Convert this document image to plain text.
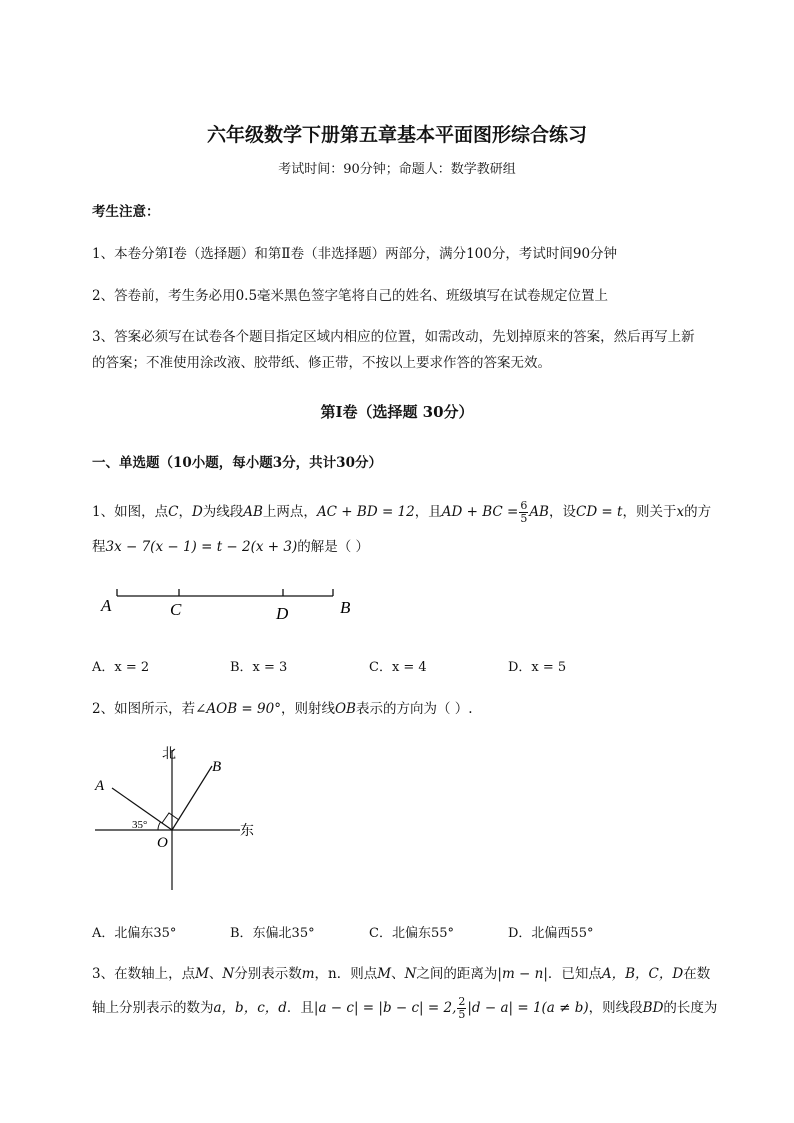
六年级数学下册第五章基本平面图形综合练习
考试时间：90分钟；命题人：数学教研组
考生注意：
1、本卷分第I卷（选择题）和第Ⅱ卷（非选择题）两部分，满分100分，考试时间90分钟
2、答卷前，考生务必用0.5毫米黑色签字笔将自己的姓名、班级填写在试卷规定位置上
3、答案必须写在试卷各个题目指定区域内相应的位置，如需改动，先划掉原来的答案，然后再写上新
的答案；不准使用涂改液、胶带纸、修正带，不按以上要求作答的答案无效。
第I卷（选择题 30分）
一、单选题（10小题，每小题3分，共计30分）
1、如图，点C，D为线段AB上两点，AC + BD = 12，且AD + BC = $\frac{6}{5}$ AB，设CD = t，则关于x的方
程3x − 7(x − 1) = t − 2(x + 3)的解是（ ）
A	C	D	B
A．x = 2	B．x = 3	C．x = 4	D．x = 5
2、如图所示，若∠AOB = 90°，则射线OB表示的方向为（ ）.
北
东
A
B
O
35°
A．北偏东35°	B．东偏北35°	C．北偏东55°	D．北偏西55°
3、在数轴上，点M、N分别表示数m，n．则点M、N之间的距离为|m − n|．已知点A，B，C，D在数
轴上分别表示的数为a，b，c，d．且|a − c| = |b − c| = 2, $\frac{2}{5} |d - a| = 1(a \ne b)$，则线段BD的长度为
